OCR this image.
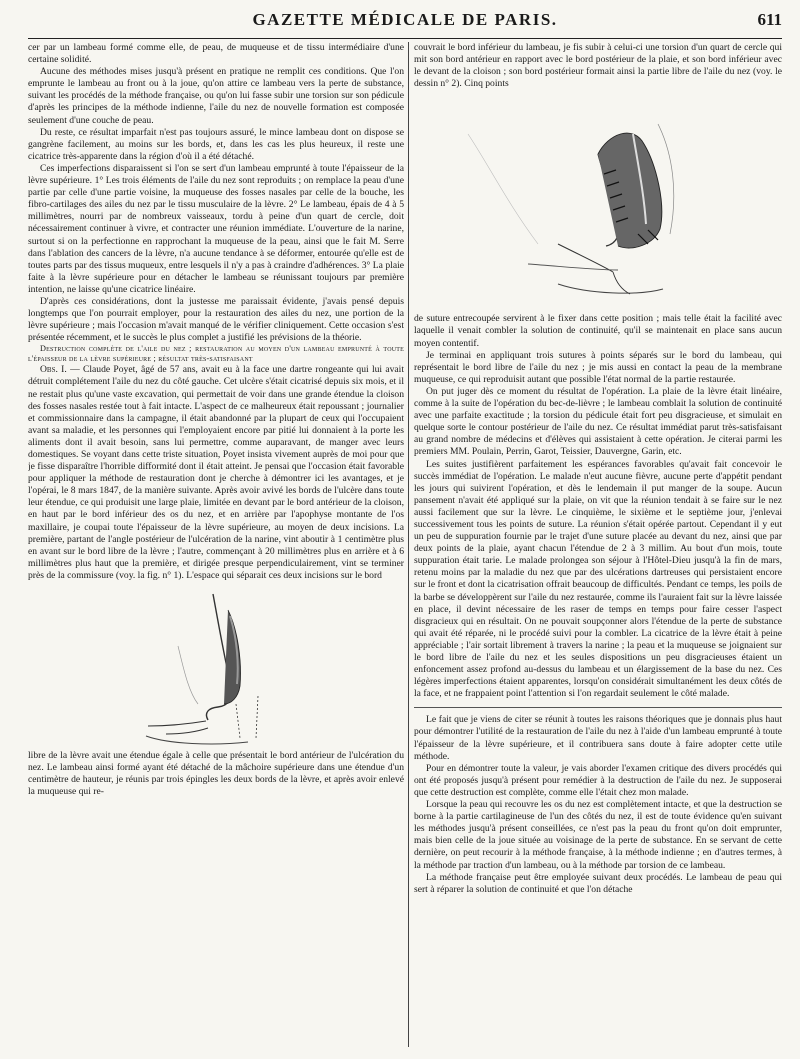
GAZETTE MÉDICALE DE PARIS.	611

cer par un lambeau formé comme elle, de peau, de muqueuse et de tissu intermédiaire d'une certaine solidité.

Aucune des méthodes mises jusqu'à présent en pratique ne remplit ces conditions. Que l'on emprunte le lambeau au front ou à la joue, qu'on attire ce lambeau vers la perte de substance, suivant les procédés de la méthode française, ou qu'on lui fasse subir une torsion sur son pédicule d'après les principes de la méthode indienne, l'aile du nez de nouvelle formation est composée seulement d'une couche de peau.

Du reste, ce résultat imparfait n'est pas toujours assuré, le mince lambeau dont on dispose se gangrène facilement, au moins sur les bords, et, dans les cas les plus heureux, il reste une cicatrice très-apparente dans la région d'où il a été détaché.

Ces imperfections disparaissent si l'on se sert d'un lambeau emprunté à toute l'épaisseur de la lèvre supérieure. 1° Les trois éléments de l'aile du nez sont reproduits ; on remplace la peau d'une partie par celle d'une partie voisine, la muqueuse des fosses nasales par celle de la bouche, les fibro-cartilages des ailes du nez par le tissu musculaire de la lèvre. 2° Le lambeau, épais de 4 à 5 millimètres, nourri par de nombreux vaisseaux, tordu à peine d'un quart de cercle, doit nécessairement continuer à vivre, et contracter une réunion immédiate. L'ouverture de la narine, surtout si on la perfectionne en rapprochant la muqueuse de la peau, ainsi que le fait M. Serre dans l'ablation des cancers de la lèvre, n'a aucune tendance à se déformer, entourée qu'elle est de toutes parts par des tissus muqueux, entre lesquels il n'y a pas à craindre d'adhérences. 3° La plaie faite à la lèvre supérieure pour en détacher le lambeau se réunissant toujours par première intention, ne laisse qu'une cicatrice linéaire.

D'après ces considérations, dont la justesse me paraissait évidente, j'avais pensé depuis longtemps que l'on pourrait employer, pour la restauration des ailes du nez, une portion de la lèvre supérieure ; mais l'occasion m'avait manqué de le vérifier cliniquement. Cette occasion s'est présentée récemment, et le succès le plus complet a justifié les prévisions de la théorie.

Destruction complète de l'aile du nez ; restauration au moyen d'un lambeau emprunté à toute l'épaisseur de la lèvre supérieure ; résultat très-satisfaisant

Obs. I. — Claude Poyet, âgé de 57 ans, avait eu à la face une dartre rongeante qui lui avait détruit complétement l'aile du nez du côté gauche. Cet ulcère s'était cicatrisé depuis six mois, et il ne restait plus qu'une vaste excavation, qui permettait de voir dans une grande étendue la cloison des fosses nasales restée tout à fait intacte. L'aspect de ce malheureux était repoussant ; journalier et commissionnaire dans la campagne, il était abandonné par la plupart de ceux qui l'occupaient avant sa maladie, et les personnes qui l'employaient encore par pitié lui donnaient à la porte les aliments dont il avait besoin, sans lui permettre, comme auparavant, de manger avec leurs domestiques. Se voyant dans cette triste situation, Poyet insista vivement auprès de moi pour que je fisse disparaître l'horrible difformité dont il était atteint. Je pensai que l'occasion était favorable pour appliquer la méthode de restauration dont je cherche à démontrer ici les avantages, et je l'opérai, le 8 mars 1847, de la manière suivante. Après avoir avivé les bords de l'ulcère dans toute leur étendue, ce qui produisit une large plaie, limitée en devant par le bord antérieur de la cloison, en haut par le bord inférieur des os du nez, et en arrière par l'apophyse montante de l'os maxillaire, je coupai toute l'épaisseur de la lèvre supérieure, au moyen de deux incisions. La première, partant de l'angle postérieur de l'ulcération de la narine, vint aboutir à 1 centimètre plus en avant sur le bord libre de la lèvre ; l'autre, commençant à 20 millimètres plus en arrière et à 6 millimètres plus haut que la première, et dirigée presque perpendiculairement, vint se terminer près de la commissure (voy. la fig. n° 1). L'espace qui séparait ces deux incisions sur le bord

libre de la lèvre avait une étendue égale à celle que présentait le bord antérieur de l'ulcération du nez. Le lambeau ainsi formé ayant été détaché de la mâchoire supérieure dans une étendue d'un centimètre de hauteur, je réunis par trois épingles les deux bords de la lèvre, et après avoir enlevé la muqueuse qui re-

couvrait le bord inférieur du lambeau, je fis subir à celui-ci une torsion d'un quart de cercle qui mit son bord antérieur en rapport avec le bord postérieur de la plaie, et son bord inférieur avec le devant de la cloison ; son bord postérieur formait ainsi la partie libre de l'aile du nez (voy. le dessin n° 2). Cinq points

de suture entrecoupée servirent à le fixer dans cette position ; mais telle était la facilité avec laquelle il venait combler la solution de continuité, qu'il se maintenait en place sans aucun moyen contentif.

Je terminai en appliquant trois sutures à points séparés sur le bord du lambeau, qui représentait le bord libre de l'aile du nez ; je mis aussi en contact la peau de la membrane muqueuse, ce qui reproduisit autant que possible l'état normal de la partie restaurée.

On put juger dès ce moment du résultat de l'opération. La plaie de la lèvre était linéaire, comme à la suite de l'opération du bec-de-lièvre ; le lambeau comblait la solution de continuité avec une parfaite exactitude ; la torsion du pédicule était fort peu disgracieuse, et simulait en quelque sorte le contour postérieur de l'aile du nez. Ce résultat immédiat parut très-satisfaisant au grand nombre de médecins et d'élèves qui assistaient à cette opération. Je citerai parmi les premiers MM. Poulain, Perrin, Garot, Teissier, Dauvergne, Garin, etc.

Les suites justifièrent parfaitement les espérances favorables qu'avait fait concevoir le succès immédiat de l'opération. Le malade n'eut aucune fièvre, aucune perte d'appétit pendant les jours qui suivirent l'opération, et dès le lendemain il put manger de la soupe. Aucun pansement n'avait été appliqué sur la plaie, on vit que la réunion tendait à se faire sur le nez aussi facilement que sur la lèvre. Le cinquième, le sixième et le septième jour, j'enlevai successivement tous les points de suture. La réunion s'était opérée partout. Cependant il y eut un peu de suppuration fournie par le trajet d'une suture placée au devant du nez, ainsi que par deux points de la plaie, ayant chacun l'étendue de 2 à 3 millim. Au bout d'un mois, toute suppuration était tarie. Le malade prolongea son séjour à l'Hôtel-Dieu jusqu'à la fin de mars, retenu moins par la maladie du nez que par des ulcérations dartreuses qui persistaient encore sur le front et dont la cicatrisation offrait beaucoup de difficultés. Pendant ce temps, les poils de la barbe se développèrent sur l'aile du nez restaurée, comme ils l'auraient fait sur la lèvre laissée en place, il devint nécessaire de les raser de temps en temps pour faire cesser l'aspect disgracieux qui en résultait. On ne pouvait soupçonner alors l'étendue de la perte de substance qui avait été réparée, ni le procédé suivi pour la combler. La cicatrice de la lèvre était à peine appréciable ; l'air sortait librement à travers la narine ; la peau et la muqueuse se joignaient sur le bord libre de l'aile du nez et les seules dispositions un peu disgracieuses étaient un enfoncement assez profond au-dessus du lambeau et un élargissement de la base du nez. Ces légères imperfections étaient apparentes, lorsqu'on considérait simultanément les deux côtés de la face, et ne frappaient point l'attention si l'on regardait seulement le côté malade.

Le fait que je viens de citer se réunit à toutes les raisons théoriques que je donnais plus haut pour démontrer l'utilité de la restauration de l'aile du nez à l'aide d'un lambeau emprunté à toute l'épaisseur de la lèvre supérieure, et il contribuera sans doute à faire adopter cette utile méthode.

Pour en démontrer toute la valeur, je vais aborder l'examen critique des divers procédés qui ont été proposés jusqu'à présent pour remédier à la destruction de l'aile du nez. Je supposerai que cette destruction est complète, comme elle l'était chez mon malade.

Lorsque la peau qui recouvre les os du nez est complètement intacte, et que la destruction se borne à la partie cartilagineuse de l'un des côtés du nez, il est de toute évidence qu'en suivant les méthodes jusqu'à présent conseillées, ce n'est pas la peau du front qu'on doit emprunter, mais bien celle de la joue située au voisinage de la perte de substance. En se servant de cette dernière, on peut recourir à la méthode française, à la méthode indienne ; en d'autres termes, à la méthode par traction d'un lambeau, ou à la méthode par torsion de ce lambeau.

La méthode française peut être employée suivant deux procédés. Le lambeau de peau qui sert à réparer la solution de continuité et que l'on détache
